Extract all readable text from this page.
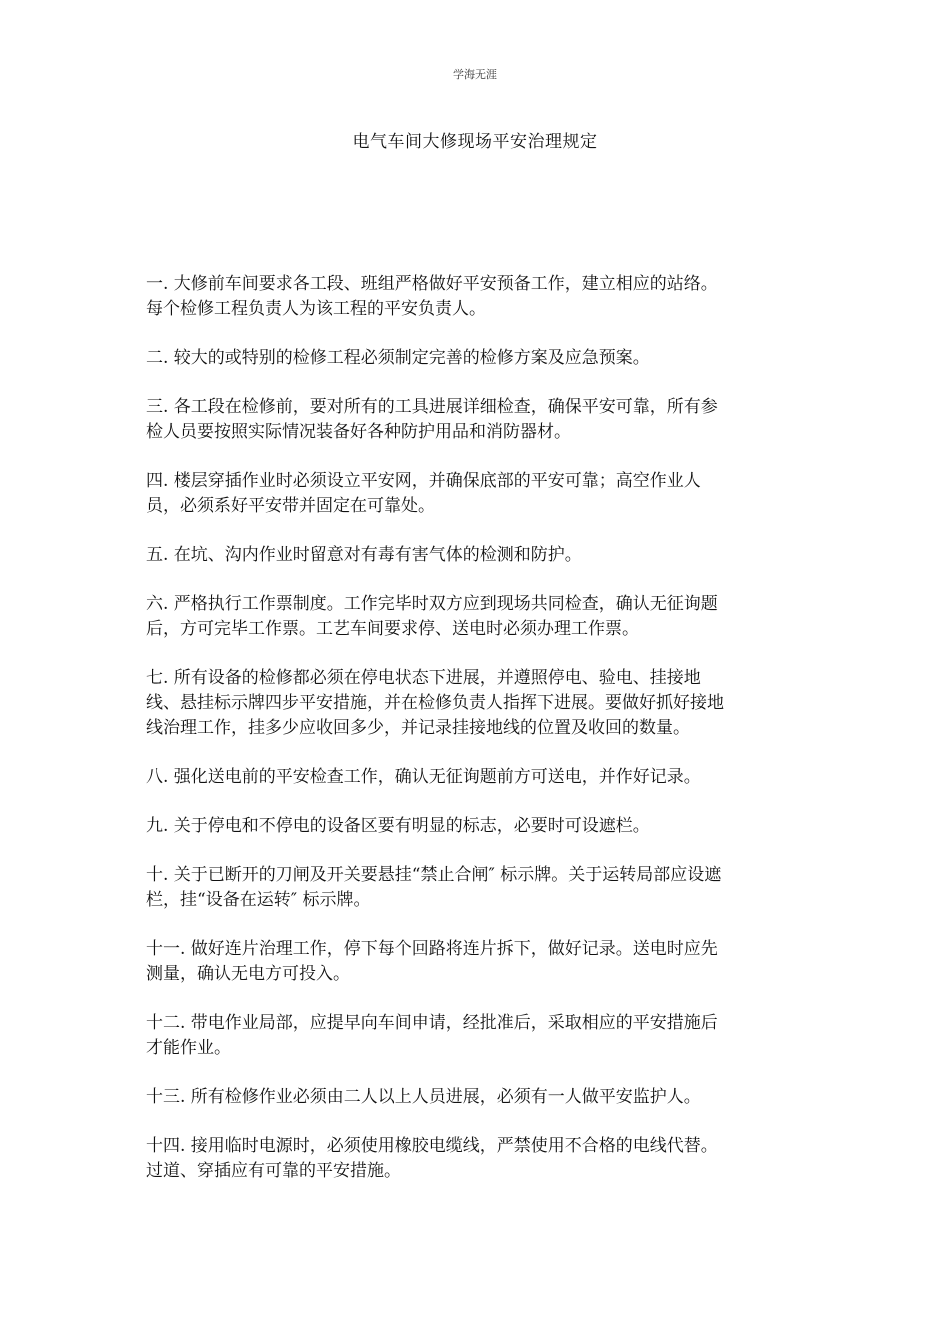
学海无涯
电气车间大修现场平安治理规定
一. 大修前车间要求各工段、班组严格做好平安预备工作，建立相应的站络。
每个检修工程负责人为该工程的平安负责人。
二. 较大的或特别的检修工程必须制定完善的检修方案及应急预案。
三. 各工段在检修前，要对所有的工具进展详细检查，确保平安可靠，所有参
检人员要按照实际情况装备好各种防护用品和消防器材。
四. 楼层穿插作业时必须设立平安网，并确保底部的平安可靠；高空作业人
员，必须系好平安带并固定在可靠处。
五. 在坑、沟内作业时留意对有毒有害气体的检测和防护。
六. 严格执行工作票制度。工作完毕时双方应到现场共同检查，确认无征询题
后，方可完毕工作票。工艺车间要求停、送电时必须办理工作票。
七. 所有设备的检修都必须在停电状态下进展，并遵照停电、验电、挂接地
线、悬挂标示牌四步平安措施，并在检修负责人指挥下进展。要做好抓好接地
线治理工作，挂多少应收回多少，并记录挂接地线的位置及收回的数量。
八. 强化送电前的平安检查工作，确认无征询题前方可送电，并作好记录。
九. 关于停电和不停电的设备区要有明显的标志，必要时可设遮栏。
十. 关于已断开的刀闸及开关要悬挂“禁止合闸″ 标示牌。关于运转局部应设遮
栏，挂“设备在运转″ 标示牌。
十一. 做好连片治理工作，停下每个回路将连片拆下，做好记录。送电时应先
测量，确认无电方可投入。
十二. 带电作业局部，应提早向车间申请，经批准后，采取相应的平安措施后
才能作业。
十三. 所有检修作业必须由二人以上人员进展，必须有一人做平安监护人。
十四. 接用临时电源时，必须使用橡胶电缆线，严禁使用不合格的电线代替。
过道、穿插应有可靠的平安措施。
